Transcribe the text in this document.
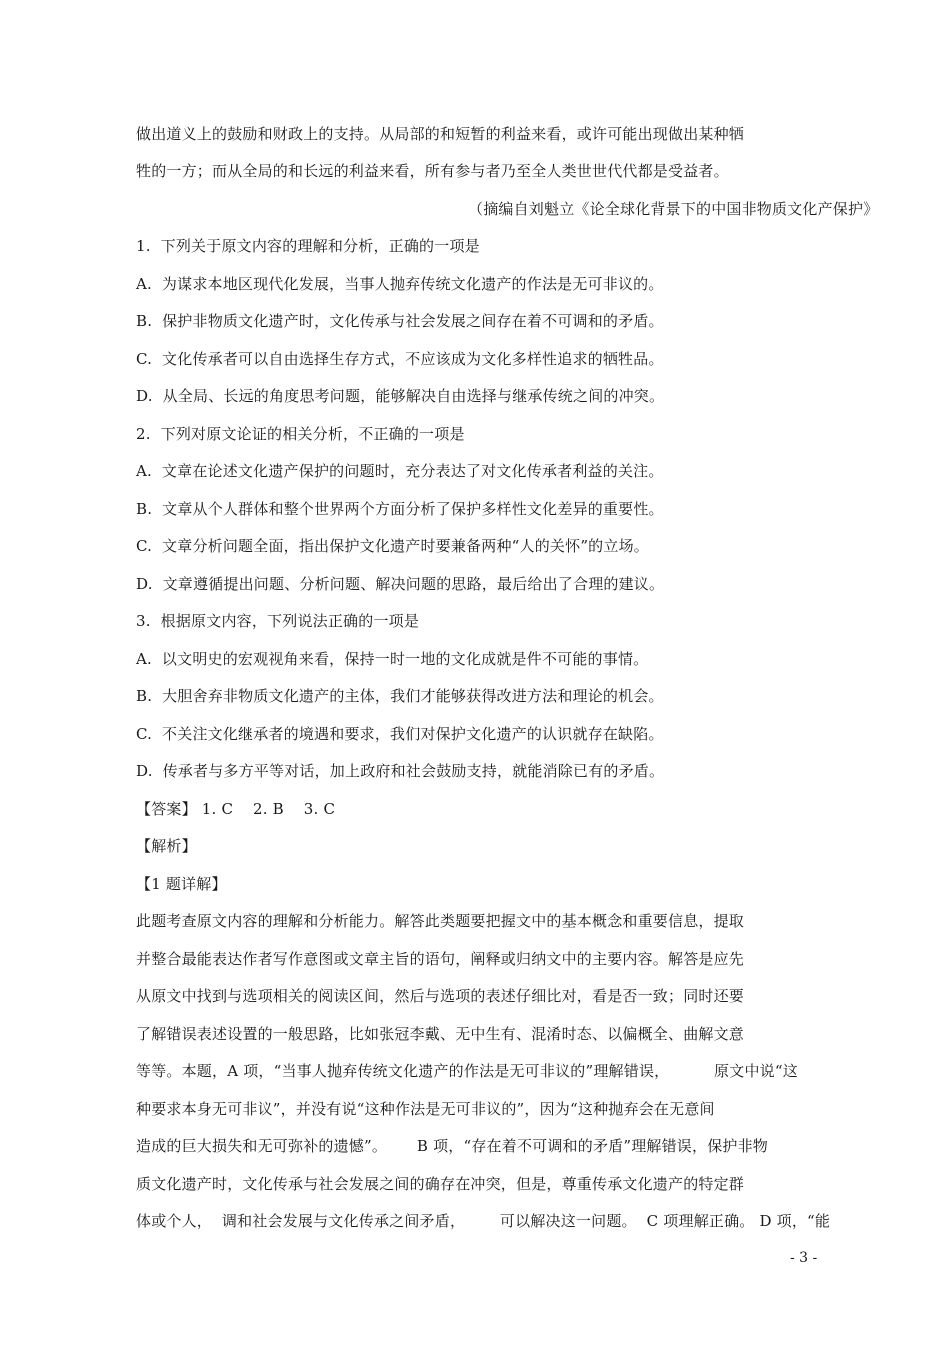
做出道义上的鼓励和财政上的支持。从局部的和短暂的利益来看，或许可能出现做出某种牺
牲的一方；而从全局的和长远的利益来看，所有参与者乃至全人类世世代代都是受益者。
（摘编自刘魁立《论全球化背景下的中国非物质文化产保护》
1.  下列关于原文内容的理解和分析，正确的一项是
A.  为谋求本地区现代化发展，当事人抛弃传统文化遗产的作法是无可非议的。
B.  保护非物质文化遗产时，文化传承与社会发展之间存在着不可调和的矛盾。
C.  文化传承者可以自由选择生存方式，不应该成为文化多样性追求的牺牲品。
D.  从全局、长远的角度思考问题，能够解决自由选择与继承传统之间的冲突。
2.  下列对原文论证的相关分析，不正确的一项是
A.  文章在论述文化遗产保护的问题时，充分表达了对文化传承者利益的关注。
B.  文章从个人群体和整个世界两个方面分析了保护多样性文化差异的重要性。
C.  文章分析问题全面，指出保护文化遗产时要兼备两种“人的关怀”的立场。
D.  文章遵循提出问题、分析问题、解决问题的思路，最后给出了合理的建议。
3.  根据原文内容，下列说法正确的一项是
A.  以文明史的宏观视角来看，保持一时一地的文化成就是件不可能的事情。
B.  大胆舍弃非物质文化遗产的主体，我们才能够获得改进方法和理论的机会。
C.  不关注文化继承者的境遇和要求，我们对保护文化遗产的认识就存在缺陷。
D.  传承者与多方平等对话，加上政府和社会鼓励支持，就能消除已有的矛盾。
【答案】 1. C    2. B    3. C
【解析】
【1 题详解】
此题考查原文内容的理解和分析能力。解答此类题要把握文中的基本概念和重要信息，提取
并整合最能表达作者写作意图或文章主旨的语句，阐释或归纳文中的主要内容。解答是应先
从原文中找到与选项相关的阅读区间，然后与选项的表述仔细比对，看是否一致；同时还要
了解错误表述设置的一般思路，比如张冠李戴、无中生有、混淆时态、以偏概全、曲解文意
等等。本题，A 项，“当事人抛弃传统文化遗产的作法是无可非议的”理解错误，         原文中说“这
种要求本身无可非议”，并没有说“这种作法是无可非议的”，因为“这种抛弃会在无意间
造成的巨大损失和无可弥补的遗憾”。      B 项，“存在着不可调和的矛盾”理解错误，保护非物
质文化遗产时，文化传承与社会发展之间的确存在冲突，但是，尊重传承文化遗产的特定群
体或个人，  调和社会发展与文化传承之间矛盾，       可以解决这一问题。  C 项理解正确。 D 项，“能
- 3 -
